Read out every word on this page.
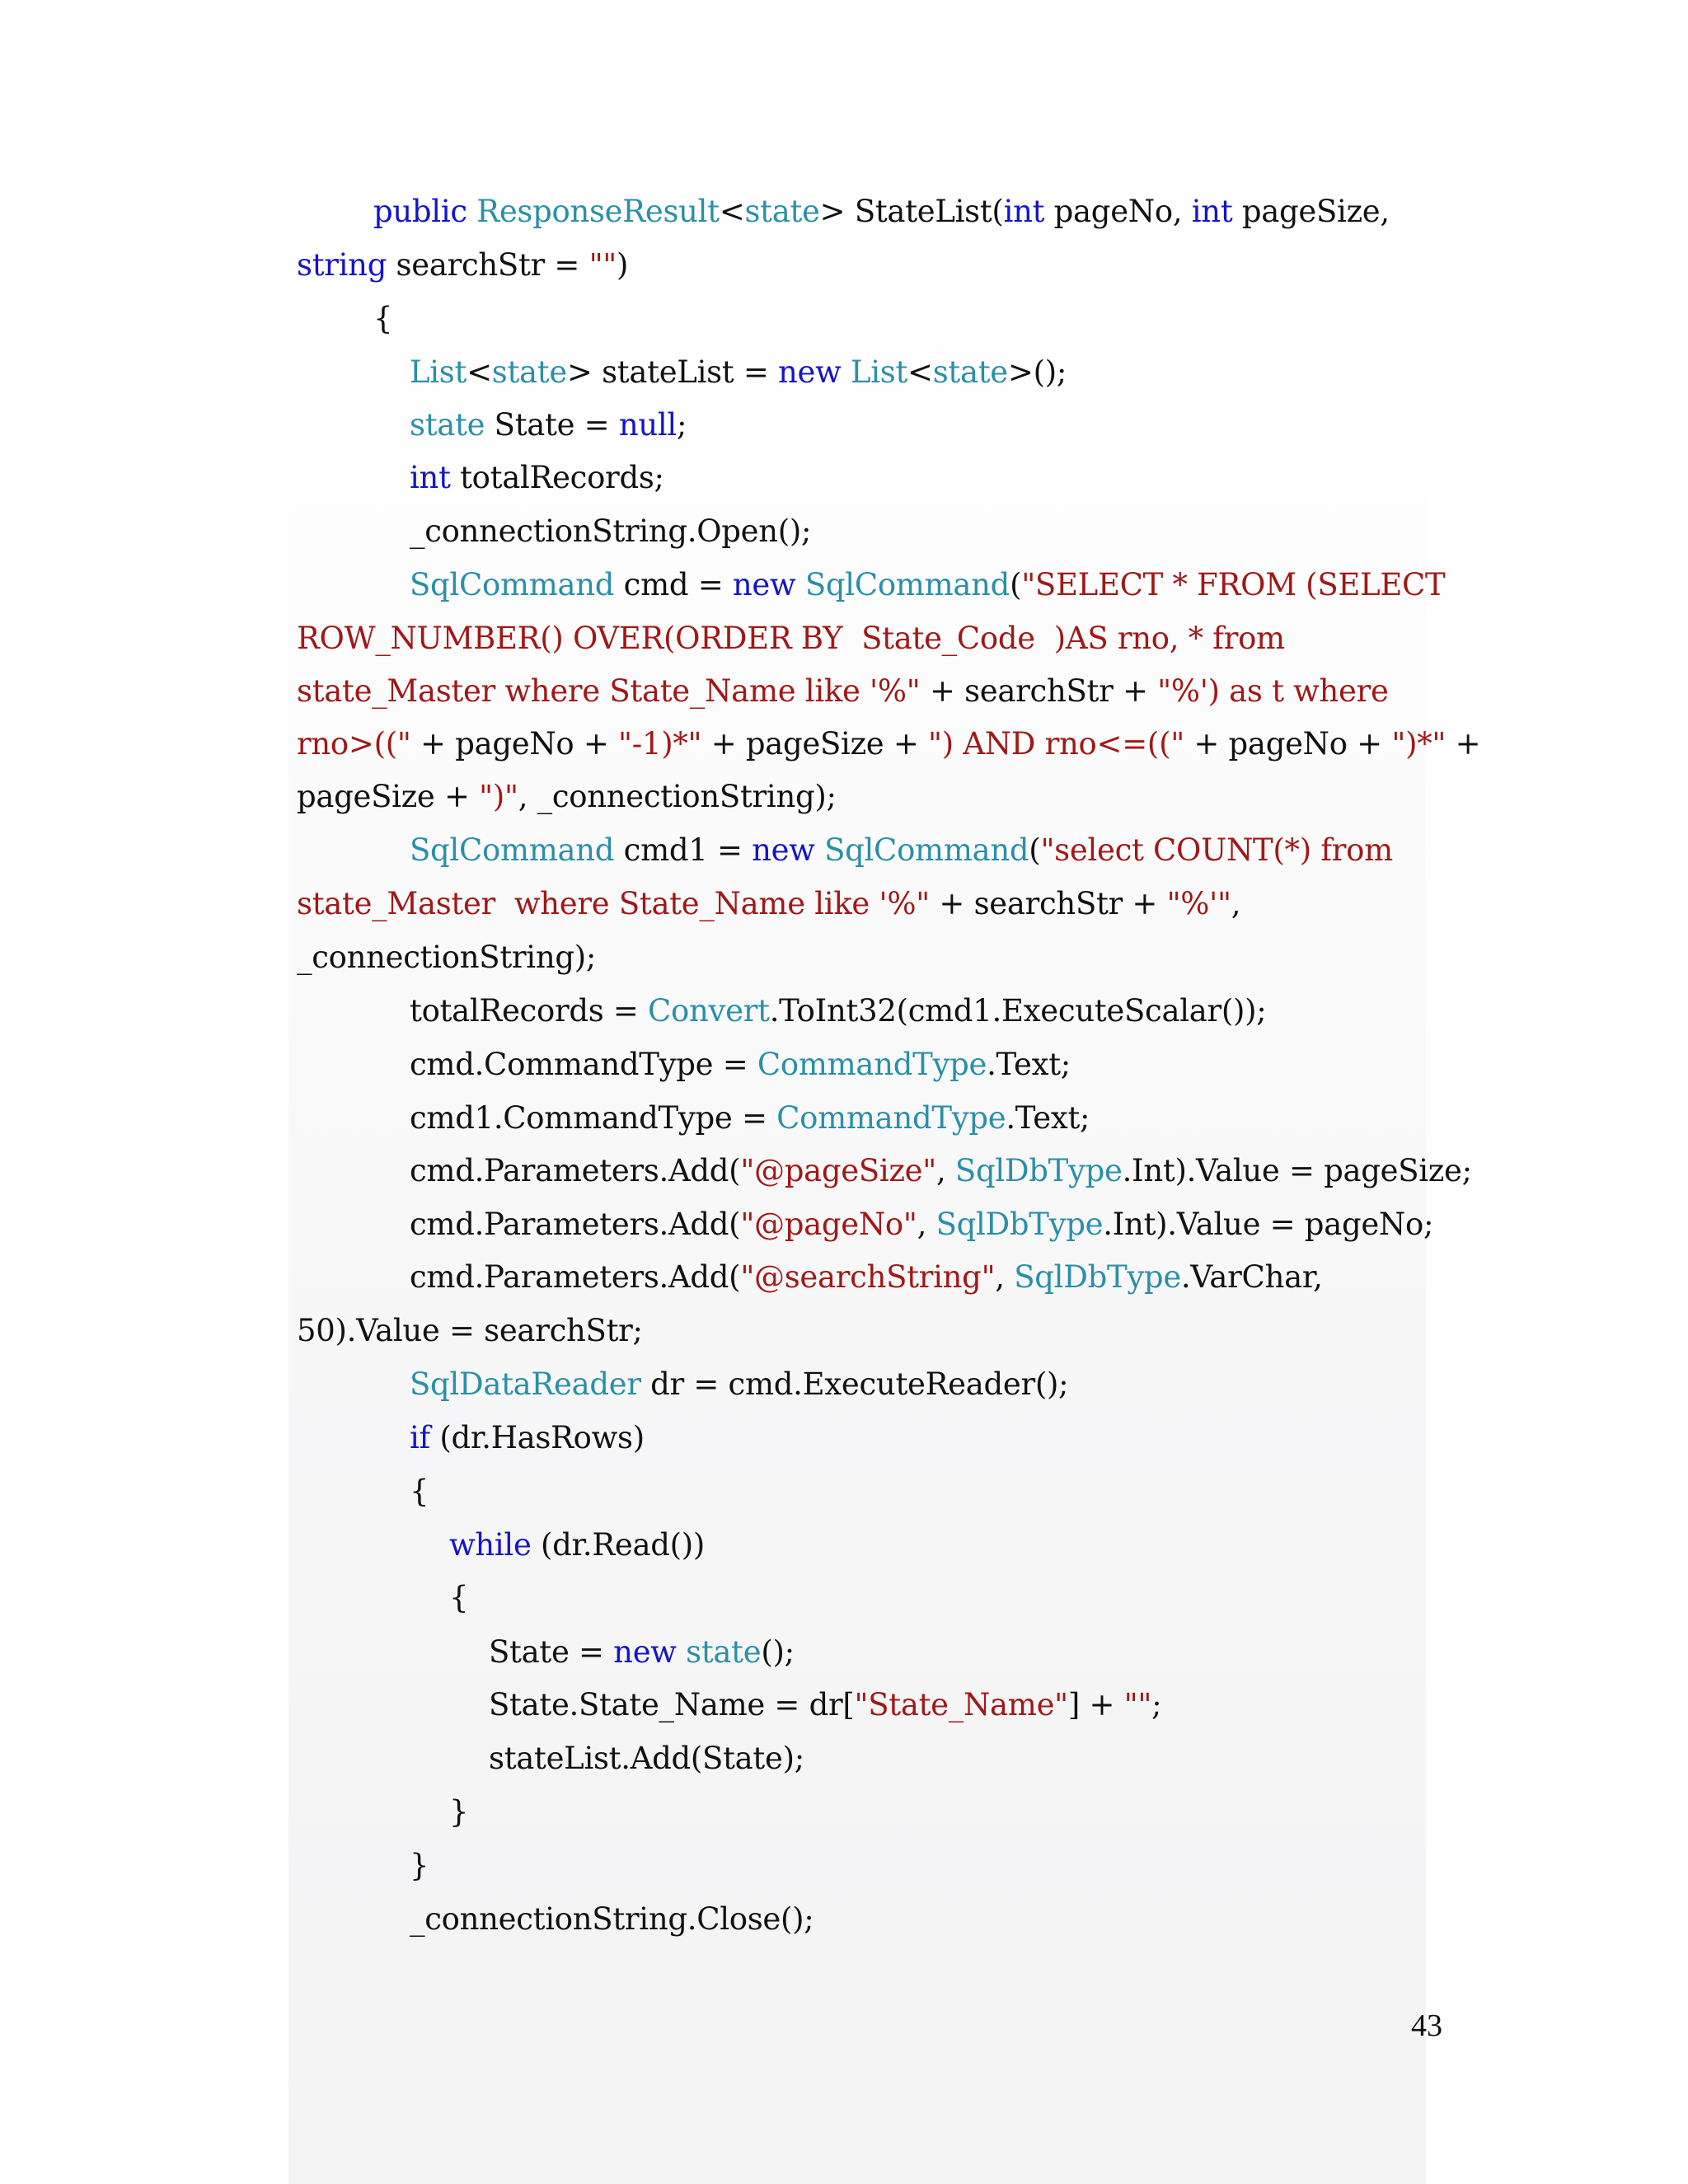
public ResponseResult<state> StateList(int pageNo, int pageSize,
string searchStr = "")
{
List<state> stateList = new List<state>();
state State = null;
int totalRecords;
_connectionString.Open();
SqlCommand cmd = new SqlCommand("SELECT * FROM (SELECT
ROW_NUMBER() OVER(ORDER BY  State_Code  )AS rno, * from
state_Master where State_Name like '%" + searchStr + "%') as t where
rno>((" + pageNo + "-1)*" + pageSize + ") AND rno<=((" + pageNo + ")*" +
pageSize + ")", _connectionString);
SqlCommand cmd1 = new SqlCommand("select COUNT(*) from
state_Master  where State_Name like '%" + searchStr + "%'",
_connectionString);
totalRecords = Convert.ToInt32(cmd1.ExecuteScalar());
cmd.CommandType = CommandType.Text;
cmd1.CommandType = CommandType.Text;
cmd.Parameters.Add("@pageSize", SqlDbType.Int).Value = pageSize;
cmd.Parameters.Add("@pageNo", SqlDbType.Int).Value = pageNo;
cmd.Parameters.Add("@searchString", SqlDbType.VarChar,
50).Value = searchStr;
SqlDataReader dr = cmd.ExecuteReader();
if (dr.HasRows)
{
while (dr.Read())
{
State = new state();
State.State_Name = dr["State_Name"] + "";
stateList.Add(State);
}
}
_connectionString.Close();
43
